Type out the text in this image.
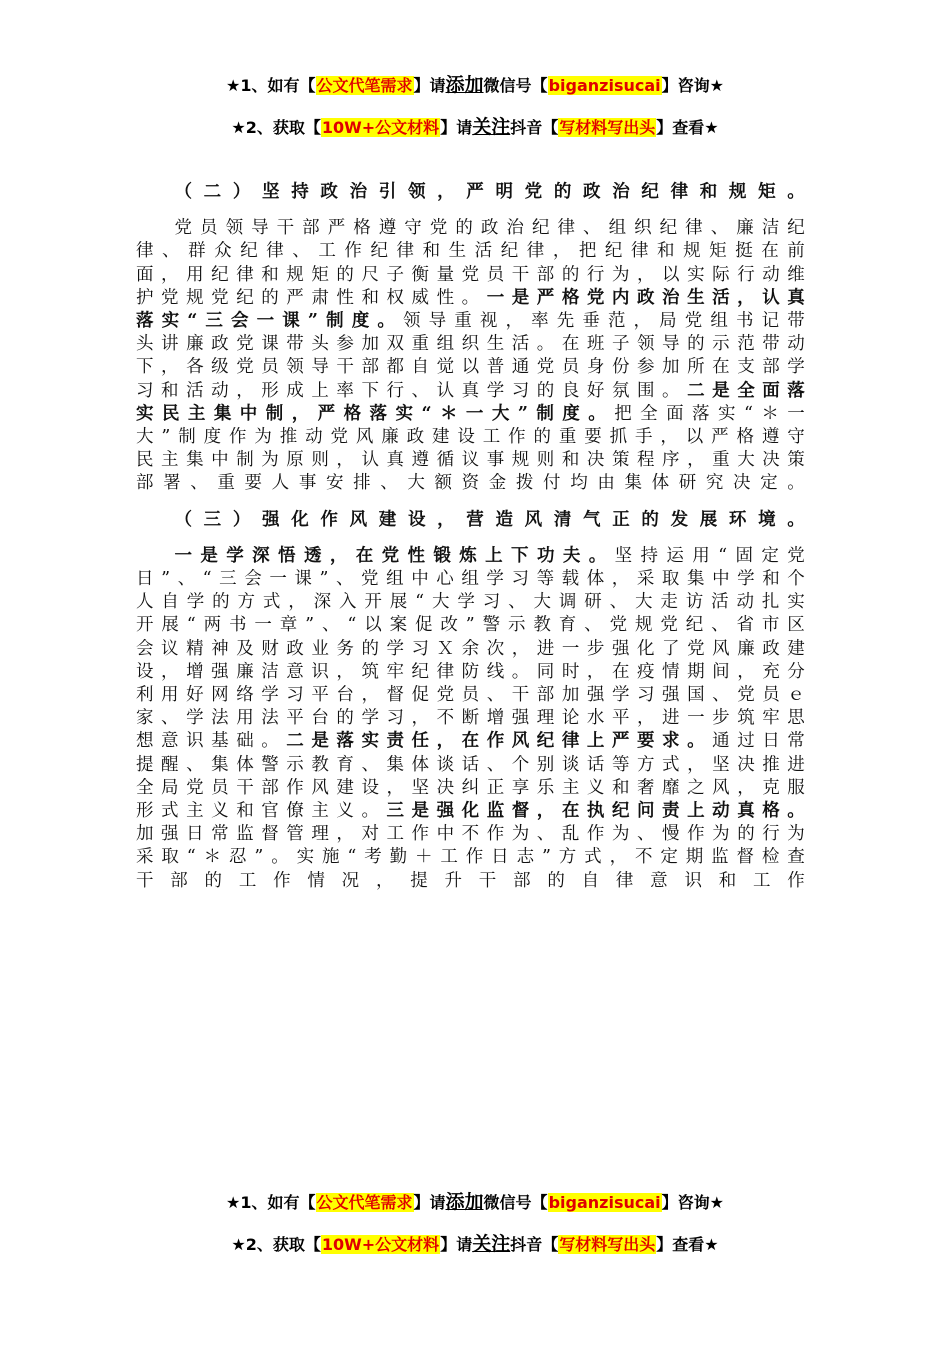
★1、如有【公文代笔需求】请添加微信号【biganzisucai】咨询★
★2、获取【10W+公文材料】请关注抖音【写材料写出头】查看★

（二）坚持政治引领，严明党的政治纪律和规矩。

党员领导干部严格遵守党的政治纪律、组织纪律、廉洁纪律、群众纪律、工作纪律和生活纪律，把纪律和规矩挺在前面，用纪律和规矩的尺子衡量党员干部的行为，以实际行动维护党规党纪的严肃性和权威性。一是严格党内政治生活，认真落实“三会一课”制度。领导重视，率先垂范，局党组书记带头讲廉政党课带头参加双重组织生活。在班子领导的示范带动下，各级党员领导干部都自觉以普通党员身份参加所在支部学习和活动，形成上率下行、认真学习的良好氛围。二是全面落实民主集中制，严格落实“＊一大”制度。把全面落实“＊一大”制度作为推动党风廉政建设工作的重要抓手，以严格遵守民主集中制为原则，认真遵循议事规则和决策程序，重大决策部署、重要人事安排、大额资金拨付均由集体研究决定。

（三）强化作风建设，营造风清气正的发展环境。

一是学深悟透，在党性锻炼上下功夫。坚持运用“固定党日”、“三会一课”、党组中心组学习等载体，采取集中学和个人自学的方式，深入开展“大学习、大调研、大走访活动扎实开展“两书一章”、“以案促改”警示教育、党规党纪、省市区会议精神及财政业务的学习Ｘ余次，进一步强化了党风廉政建设，增强廉洁意识，筑牢纪律防线。同时，在疫情期间，充分利用好网络学习平台，督促党员、干部加强学习强国、党员ｅ家、学法用法平台的学习，不断增强理论水平，进一步筑牢思想意识基础。二是落实责任，在作风纪律上严要求。通过日常提醒、集体警示教育、集体谈话、个别谈话等方式，坚决推进全局党员干部作风建设，坚决纠正享乐主义和奢靡之风，克服形式主义和官僚主义。三是强化监督，在执纪问责上动真格。加强日常监督管理，对工作中不作为、乱作为、慢作为的行为采取“＊忍”。实施“考勤＋工作日志”方式，不定期监督检查干部的工作情况，提升干部的自律意识和工作

★1、如有【公文代笔需求】请添加微信号【biganzisucai】咨询★
★2、获取【10W+公文材料】请关注抖音【写材料写出头】查看★
